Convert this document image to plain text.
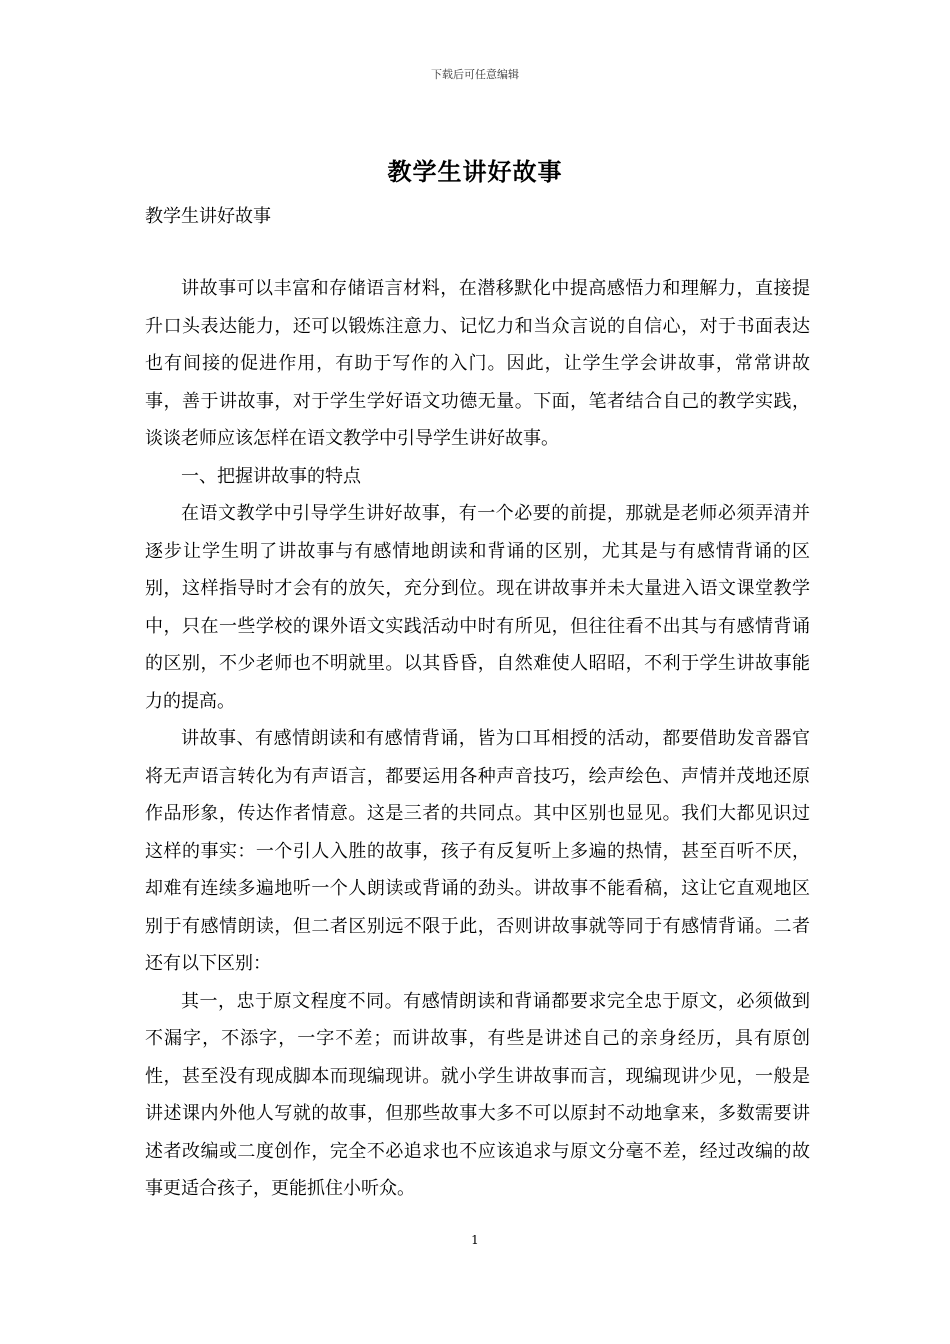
下载后可任意编辑
教学生讲好故事
教学生讲好故事

讲故事可以丰富和存储语言材料，在潜移默化中提高感悟力和理解力，直接提升口头表达能力，还可以锻炼注意力、记忆力和当众言说的自信心，对于书面表达也有间接的促进作用，有助于写作的入门。因此，让学生学会讲故事，常常讲故事，善于讲故事，对于学生学好语文功德无量。下面，笔者结合自己的教学实践，谈谈老师应该怎样在语文教学中引导学生讲好故事。

一、把握讲故事的特点

在语文教学中引导学生讲好故事，有一个必要的前提，那就是老师必须弄清并逐步让学生明了讲故事与有感情地朗读和背诵的区别，尤其是与有感情背诵的区别，这样指导时才会有的放矢，充分到位。现在讲故事并未大量进入语文课堂教学中，只在一些学校的课外语文实践活动中时有所见，但往往看不出其与有感情背诵的区别，不少老师也不明就里。以其昏昏，自然难使人昭昭，不利于学生讲故事能力的提高。

讲故事、有感情朗读和有感情背诵，皆为口耳相授的活动，都要借助发音器官将无声语言转化为有声语言，都要运用各种声音技巧，绘声绘色、声情并茂地还原作品形象，传达作者情意。这是三者的共同点。其中区别也显见。我们大都见识过这样的事实：一个引人入胜的故事，孩子有反复听上多遍的热情，甚至百听不厌，却难有连续多遍地听一个人朗读或背诵的劲头。讲故事不能看稿，这让它直观地区别于有感情朗读，但二者区别远不限于此，否则讲故事就等同于有感情背诵。二者还有以下区别：

其一，忠于原文程度不同。有感情朗读和背诵都要求完全忠于原文，必须做到不漏字，不添字，一字不差；而讲故事，有些是讲述自己的亲身经历，具有原创性，甚至没有现成脚本而现编现讲。就小学生讲故事而言，现编现讲少见，一般是讲述课内外他人写就的故事，但那些故事大多不可以原封不动地拿来，多数需要讲述者改编或二度创作，完全不必追求也不应该追求与原文分毫不差，经过改编的故事更适合孩子，更能抓住小听众。

1
